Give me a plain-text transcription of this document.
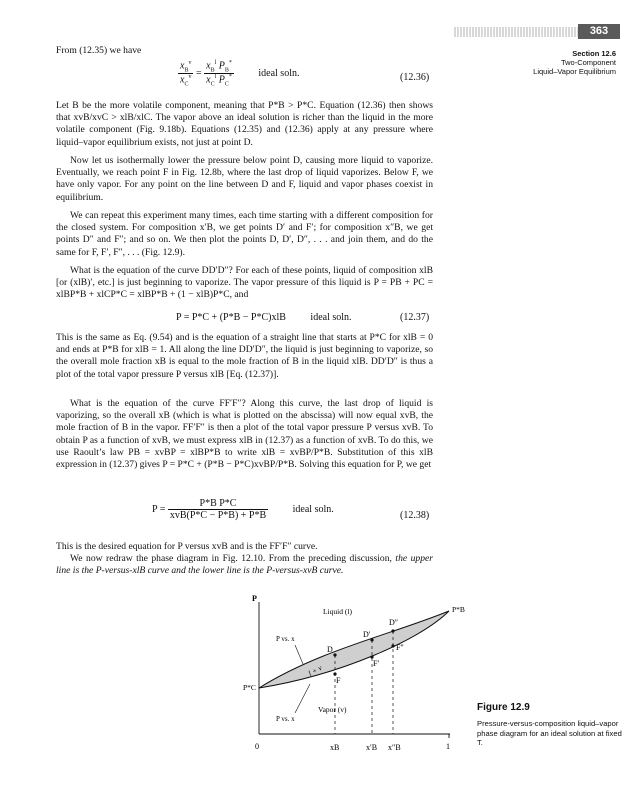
363
Section 12.6
Two-Component
Liquid–Vapor Equilibrium
From (12.35) we have
$\frac{x_B^v}{x_C^v} = \frac{x_B^l P_B^*}{x_C^l P_C^*}$ ideal soln.	(12.36)
Let B be the more volatile component, meaning that P*B > P*C. Equation (12.36) then shows that xvB/xvC > xlB/xlC. The vapor above an ideal solution is richer than the liquid in the more volatile component (Fig. 9.18b). Equations (12.35) and (12.36) apply at any pressure where liquid–vapor equilibrium exists, not just at point D.
Now let us isothermally lower the pressure below point D, causing more liquid to vaporize. Eventually, we reach point F in Fig. 12.8b, where the last drop of liquid vaporizes. Below F, we have only vapor. For any point on the line between D and F, liquid and vapor phases coexist in equilibrium.
We can repeat this experiment many times, each time starting with a different composition for the closed system. For composition x′B, we get points D′ and F′; for composition x″B, we get points D″ and F″; and so on. We then plot the points D, D′, D″, . . . and join them, and do the same for F, F′, F″, . . . (Fig. 12.9).
What is the equation of the curve DD′D″? For each of these points, liquid of composition xlB [or (xlB)′, etc.] is just beginning to vaporize. The vapor pressure of this liquid is P = PB + PC = xlBP*B + xlCP*C = xlBP*B + (1 − xlB)P*C, and
P = P*C + (P*B − P*C)xlB ideal soln.	(12.37)
This is the same as Eq. (9.54) and is the equation of a straight line that starts at P*C for xlB = 0 and ends at P*B for xlB = 1. All along the line DD′D″, the liquid is just beginning to vaporize, so the overall mole fraction xB is equal to the mole fraction of B in the liquid xlB. DD′D″ is thus a plot of the total vapor pressure P versus xlB [Eq. (12.37)].
What is the equation of the curve FF′F″? Along this curve, the last drop of liquid is vaporizing, so the overall xB (which is what is plotted on the abscissa) will now equal xvB, the mole fraction of B in the vapor. FF′F″ is then a plot of the total vapor pressure P versus xvB. To obtain P as a function of xvB, we must express xlB in (12.37) as a function of xvB. To do this, we use Raoult’s law PB = xvBP = xlBP*B to write xlB = xvBP/P*B. Substitution of this xlB expression in (12.37) gives P = P*C + (P*B − P*C)xvBP/P*B. Solving this equation for P, we get
$P = \frac{\text{P*B P*C}}{\text{xvB(P*C − P*B) + P*B}}$ ideal soln.
(12.38)
This is the desired equation for P versus xvB and is the FF′F″ curve.
We now redraw the phase diagram in Fig. 12.10. From the preceding discussion, the upper line is the P-versus-xlB curve and the lower line is the P-versus-xvB curve.
D
D′
D″
F
F′
F″
Liquid (l)
Vapor (v)
l + v
P vs. x
P vs. x
P
0	1
xB	x′B x″B
P*C
P*B
Figure 12.9
Pressure-versus-composition liquid–vapor phase diagram for an ideal solution at fixed T.
